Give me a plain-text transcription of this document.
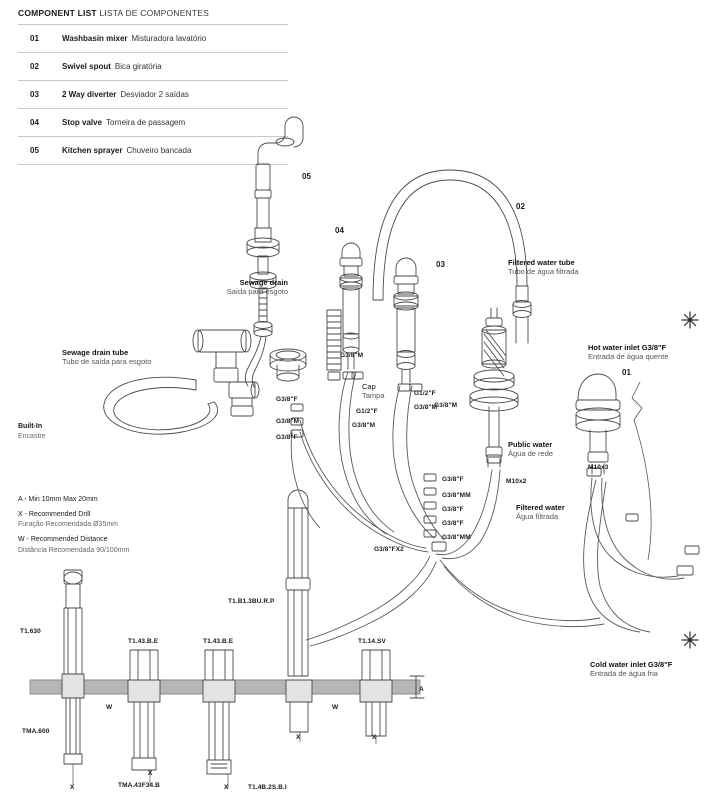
COMPONENT LIST LISTA DE COMPONENTES
01	Washbasin mixer Misturadora lavatório
02	Swivel spout Bica giratória
03	2 Way diverter Desviador 2 saídas
04	Stop valve Torneira de passagem
05	Kitchen sprayer Chuveiro bancada
05
04
03
02
01
Filtered water tube
Tubo de água filtrada
Sewage drain
Saída para esgoto
Sewage drain tube
Tubo de saída para esgoto
Hot water inlet G3/8"F
Entrada de água quente
Cold water inlet G3/8"F
Entrada de água fria
Public water
Água de rede
Filtered water
Água filtrada
Cap
Tampa
G3/8"M
G1/2"F
G3/8"M
G3/8"M
G3/8"F
G3/8"M
G3/8"F
G1/2"F
G3/8"M
G3/8"F
G3/8"MM
G3/8"F
G3/8"F
G3/8"MM
G3/8"FX2
M10x3
M10x2
Built-In
Encastre
A - Min 10mm Max 20mm
X - Recommended Drill
Furação Recomendada Ø35mm
W - Recommended Distance
Distância Recomendada 90/100mm
T1.630
T1.43.B.E	T1.43.B.E
T1.B1.3BU.R.P
T1.14.SV
TMA.600
TMA.43F34.B	T1.4B.2S.B.I
A
W	W
X
X
X
X	X
